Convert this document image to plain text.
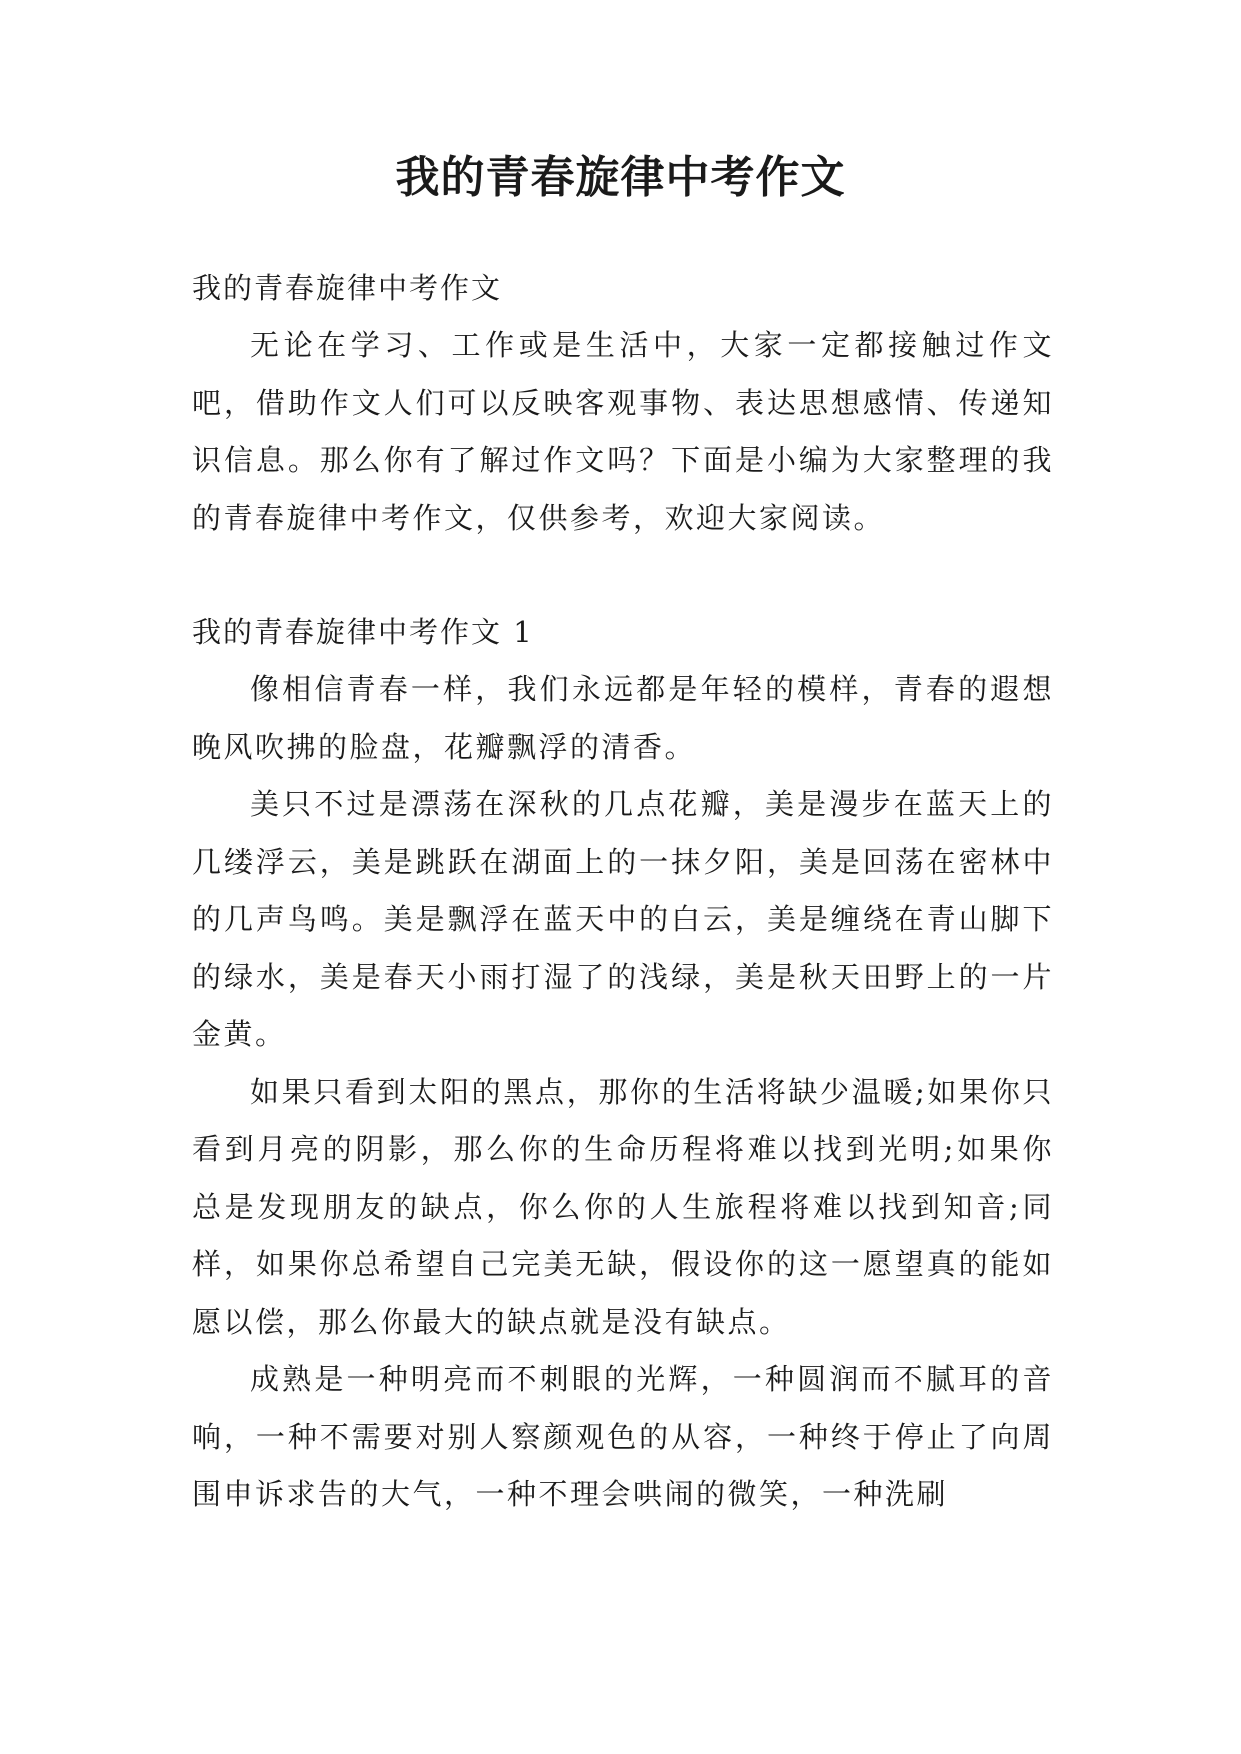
我的青春旋律中考作文

我的青春旋律中考作文

无论在学习、工作或是生活中，大家一定都接触过作文吧，借助作文人们可以反映客观事物、表达思想感情、传递知识信息。那么你有了解过作文吗？下面是小编为大家整理的我的青春旋律中考作文，仅供参考，欢迎大家阅读。

我的青春旋律中考作文 1

像相信青春一样，我们永远都是年轻的模样，青春的遐想晚风吹拂的脸盘，花瓣飘浮的清香。

美只不过是漂荡在深秋的几点花瓣，美是漫步在蓝天上的几缕浮云，美是跳跃在湖面上的一抹夕阳，美是回荡在密林中的几声鸟鸣。美是飘浮在蓝天中的白云，美是缠绕在青山脚下的绿水，美是春天小雨打湿了的浅绿，美是秋天田野上的一片金黄。

如果只看到太阳的黑点，那你的生活将缺少温暖;如果你只看到月亮的阴影，那么你的生命历程将难以找到光明;如果你总是发现朋友的缺点，你么你的人生旅程将难以找到知音;同样，如果你总希望自己完美无缺，假设你的这一愿望真的能如愿以偿，那么你最大的缺点就是没有缺点。

成熟是一种明亮而不刺眼的光辉，一种圆润而不腻耳的音响，一种不需要对别人察颜观色的从容，一种终于停止了向周围申诉求告的大气，一种不理会哄闹的微笑，一种洗刷
